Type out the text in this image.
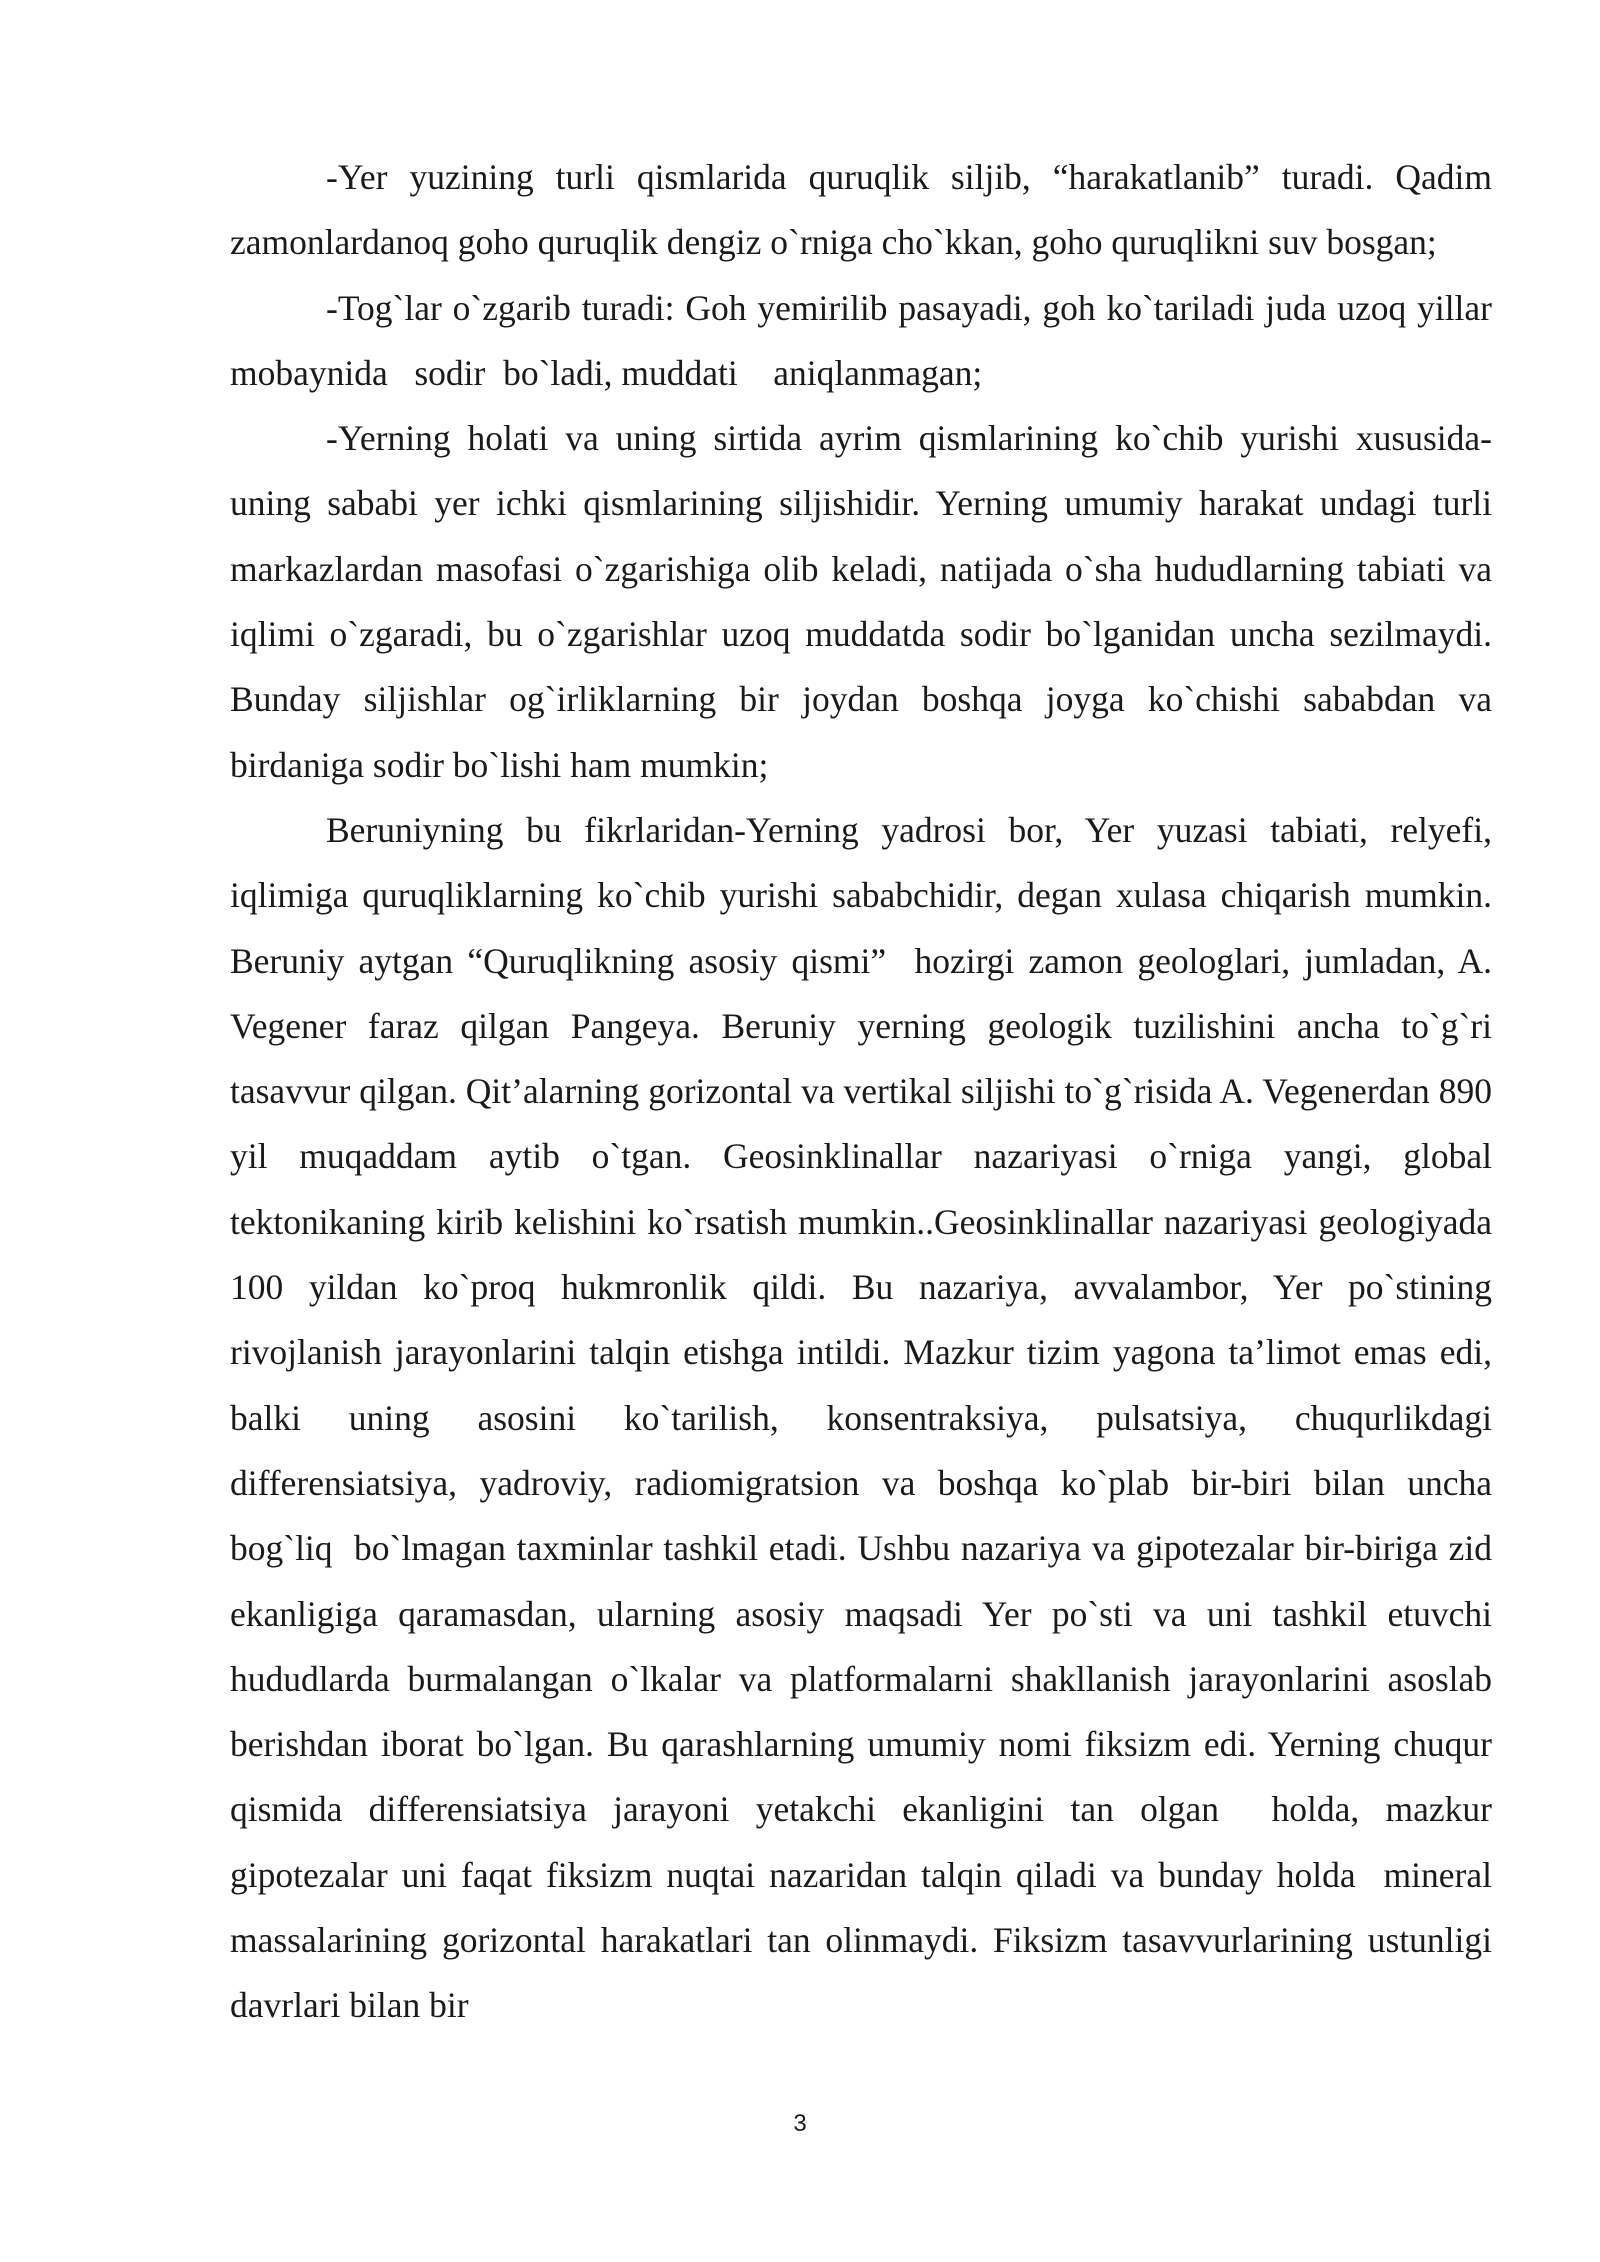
-Yer yuzining turli qismlarida quruqlik siljib, “harakatlanib” turadi. Qadim zamonlardanoq goho quruqlik dengiz o`rniga cho`kkan, goho quruqlikni suv bosgan;

-Tog`lar o`zgarib turadi: Goh yemirilib pasayadi, goh ko`tariladi juda uzoq yillar mobaynida   sodir  bo`ladi, muddati    aniqlanmagan;

-Yerning holati va uning sirtida ayrim qismlarining ko`chib yurishi xususida-uning sababi yer ichki qismlarining siljishidir. Yerning umumiy harakat undagi turli markazlardan masofasi o`zgarishiga olib keladi, natijada o`sha hududlarning tabiati va iqlimi o`zgaradi, bu o`zgarishlar uzoq muddatda sodir bo`lganidan uncha sezilmaydi. Bunday siljishlar og`irliklarning bir joydan boshqa joyga ko`chishi sababdan va birdaniga sodir bo`lishi ham mumkin;

Beruniyning bu fikrlaridan-Yerning yadrosi bor, Yer yuzasi tabiati, relyefi, iqlimiga quruqliklarning ko`chib yurishi sababchidir, degan xulasa chiqarish mumkin. Beruniy aytgan “Quruqlikning asosiy qismi”  hozirgi zamon geologlari, jumladan, A. Vegener faraz qilgan Pangeya. Beruniy yerning geologik tuzilishini ancha to`g`ri tasavvur qilgan. Qit’alarning gorizontal va vertikal siljishi to`g`risida A. Vegenerdan 890 yil muqaddam aytib o`tgan. Geosinklinallar nazariyasi o`rniga yangi, global tektonikaning kirib kelishini ko`rsatish mumkin..Geosinklinallar nazariyasi geologiyada 100 yildan ko`proq hukmronlik qildi. Bu nazariya, avvalambor, Yer po`stining rivojlanish jarayonlarini talqin etishga intildi. Mazkur tizim yagona ta’limot emas edi, balki uning asosini ko`tarilish, konsentraksiya, pulsatsiya, chuqurlikdagi  differensiatsiya, yadroviy, radiomigratsion va boshqa ko`plab bir-biri bilan uncha bog`liq  bo`lmagan taxminlar tashkil etadi. Ushbu nazariya va gipotezalar bir-biriga zid ekanligiga qaramasdan, ularning asosiy maqsadi Yer po`sti va uni tashkil etuvchi hududlarda burmalangan o`lkalar va platformalarni shakllanish jarayonlarini asoslab berishdan iborat bo`lgan. Bu qarashlarning umumiy nomi fiksizm edi. Yerning chuqur qismida differensiatsiya jarayoni yetakchi ekanligini tan olgan  holda, mazkur gipotezalar uni faqat fiksizm nuqtai nazaridan talqin qiladi va bunday holda  mineral massalarining gorizontal harakatlari tan olinmaydi. Fiksizm tasavvurlarining ustunligi davrlari bilan bir

3
